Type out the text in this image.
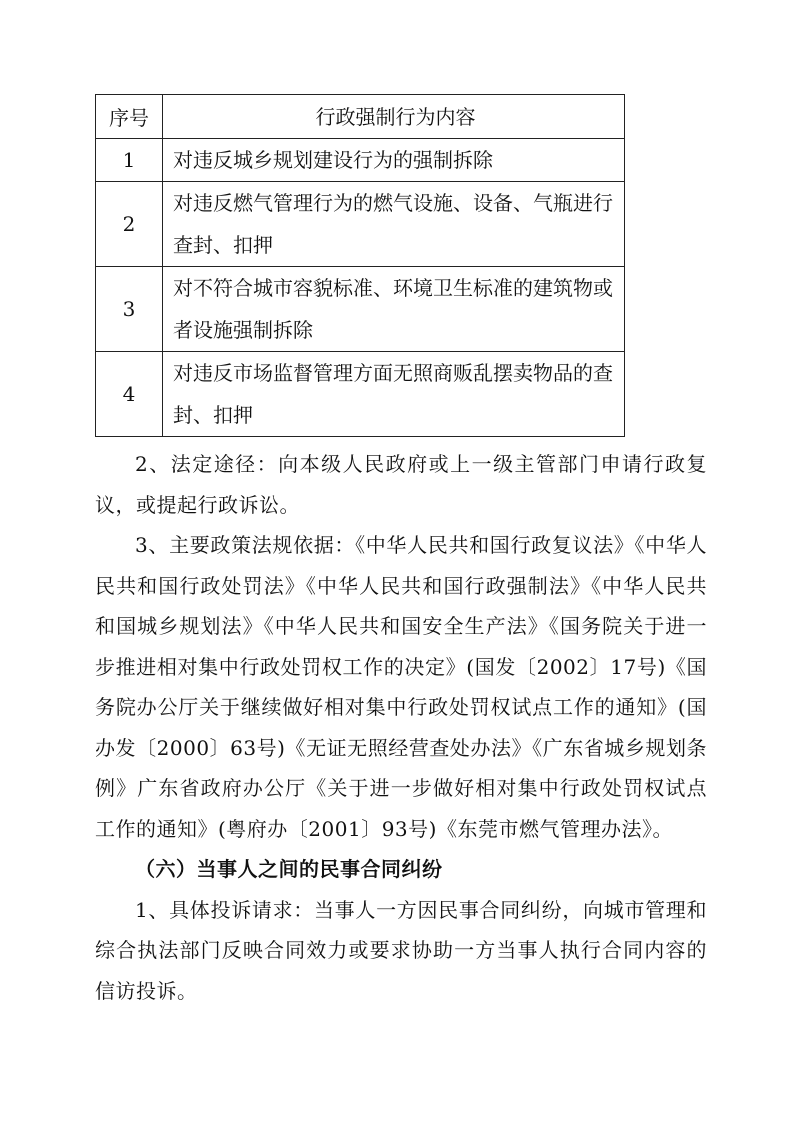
序号	行政强制行为内容
1	对违反城乡规划建设行为的强制拆除
2	对违反燃气管理行为的燃气设施、设备、气瓶进行查封、扣押
3	对不符合城市容貌标准、环境卫生标准的建筑物或者设施强制拆除
4	对违反市场监督管理方面无照商贩乱摆卖物品的查封、扣押

2、法定途径：向本级人民政府或上一级主管部门申请行政复议，或提起行政诉讼。

3、主要政策法规依据：《中华人民共和国行政复议法》《中华人民共和国行政处罚法》《中华人民共和国行政强制法》《中华人民共和国城乡规划法》《中华人民共和国安全生产法》《国务院关于进一步推进相对集中行政处罚权工作的决定》(国发〔2002〕17号)《国务院办公厅关于继续做好相对集中行政处罚权试点工作的通知》(国办发〔2000〕63号)《无证无照经营查处办法》《广东省城乡规划条例》广东省政府办公厅《关于进一步做好相对集中行政处罚权试点工作的通知》(粤府办〔2001〕93号)《东莞市燃气管理办法》。

（六）当事人之间的民事合同纠纷

1、具体投诉请求：当事人一方因民事合同纠纷，向城市管理和综合执法部门反映合同效力或要求协助一方当事人执行合同内容的信访投诉。
